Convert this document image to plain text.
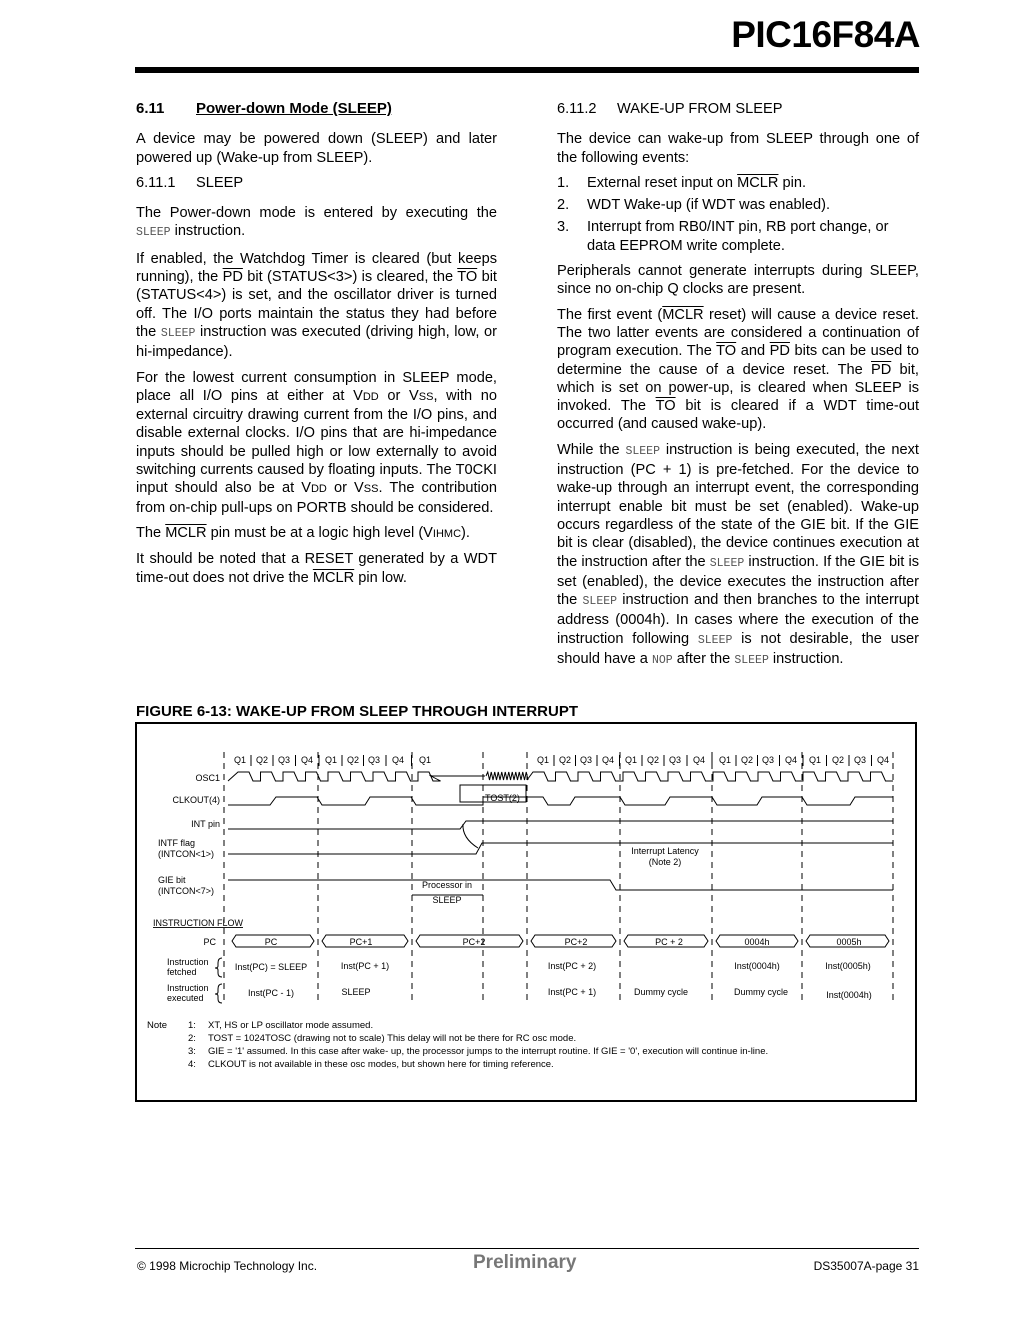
PIC16F84A

6.11 Power-down Mode (SLEEP)

A device may be powered down (SLEEP) and later powered up (Wake-up from SLEEP).

6.11.1 SLEEP

The Power-down mode is entered by executing the SLEEP instruction.

If enabled, the Watchdog Timer is cleared (but keeps running), the $\overline{PD}$ bit (STATUS<3>) is cleared, the $\overline{TO}$ bit (STATUS<4>) is set, and the oscillator driver is turned off. The I/O ports maintain the status they had before the SLEEP instruction was executed (driving high, low, or hi-impedance).

For the lowest current consumption in SLEEP mode, place all I/O pins at either at VDD or VSS, with no external circuitry drawing current from the I/O pins, and disable external clocks. I/O pins that are hi-impedance inputs should be pulled high or low externally to avoid switching currents caused by floating inputs. The T0CKI input should also be at VDD or VSS. The contribution from on-chip pull-ups on PORTB should be considered.

The MCLR pin must be at a logic high level (VIHMC).

It should be noted that a RESET generated by a WDT time-out does not drive the MCLR pin low.

6.11.2 WAKE-UP FROM SLEEP

The device can wake-up from SLEEP through one of the following events:

1. External reset input on MCLR pin.
2. WDT Wake-up (if WDT was enabled).
3. Interrupt from RB0/INT pin, RB port change, or data EEPROM write complete.

Peripherals cannot generate interrupts during SLEEP, since no on-chip Q clocks are present.

The first event (MCLR reset) will cause a device reset. The two latter events are considered a continuation of program execution. The $\overline{TO}$ and $\overline{PD}$ bits can be used to determine the cause of a device reset. The $\overline{PD}$ bit, which is set on power-up, is cleared when SLEEP is invoked. The $\overline{TO}$ bit is cleared if a WDT time-out occurred (and caused wake-up).

While the SLEEP instruction is being executed, the next instruction (PC + 1) is pre-fetched. For the device to wake-up through an interrupt event, the corresponding interrupt enable bit must be set (enabled). Wake-up occurs regardless of the state of the GIE bit. If the GIE bit is clear (disabled), the device continues execution at the instruction after the SLEEP instruction. If the GIE bit is set (enabled), the device executes the instruction after the SLEEP instruction and then branches to the interrupt address (0004h). In cases where the execution of the instruction following SLEEP is not desirable, the user should have a NOP after the SLEEP instruction.

FIGURE 6-13: WAKE-UP FROM SLEEP THROUGH INTERRUPT
OSC1
CLKOUT(4)
INT pin
INTF flag
(INTCON<1>)
GIE bit
(INTCON<7>)
INSTRUCTION FLOW
PC
Instruction
fetched
Instruction
executed
TOST(2)
Processor in
SLEEP
Interrupt Latency
(Note 2)
PC	PC+1	PC+2	PC+2	PC + 2	0004h	0005h
Inst(PC) = SLEEP	Inst(PC + 1)	Inst(PC + 2)	Inst(0004h)	Inst(0005h)
Inst(PC - 1)	SLEEP	Inst(PC + 1)	Dummy cycle	Dummy cycle	Inst(0004h)
Q1 Q2 Q3 Q4 Q1 Q2 Q3 Q4 Q1	Q1 Q2 Q3 Q4 Q1 Q2 Q3 Q4 Q1 Q2 Q3 Q4 Q1 Q2 Q3 Q4
Note 1: XT, HS or LP oscillator mode assumed.
2: TOST = 1024TOSC (drawing not to scale) This delay will not be there for RC osc mode.
3: GIE = '1' assumed. In this case after wake- up, the processor jumps to the interrupt routine. If GIE = '0', execution will continue in-line.
4: CLKOUT is not available in these osc modes, but shown here for timing reference.
© 1998 Microchip Technology Inc.	Preliminary	DS35007A-page 31
